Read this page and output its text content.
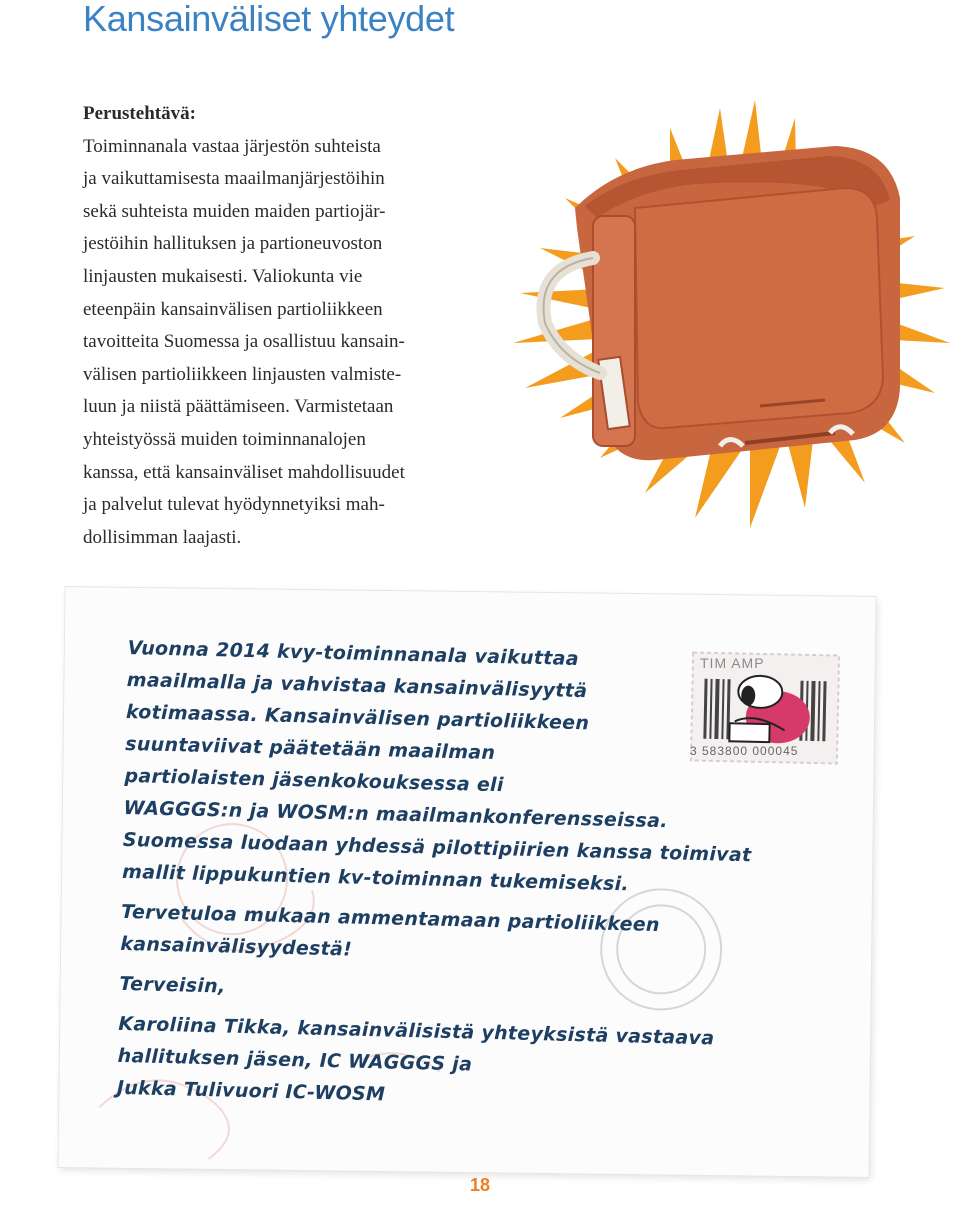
Kansainväliset yhteydet
Perustehtävä:
Toiminnanala vastaa järjestön suhteista
ja vaikuttamisesta maailmanjärjestöihin
sekä suhteista muiden maiden partiojär-
jestöihin hallituksen ja partioneuvoston
linjausten mukaisesti. Valiokunta vie
eteenpäin kansainvälisen partioliikkeen
tavoitteita Suomessa ja osallistuu kansain-
välisen partioliikkeen linjausten valmiste-
luun ja niistä päättämiseen. Varmistetaan
yhteistyössä muiden toiminnanalojen
kanssa, että kansainväliset mahdollisuudet
ja palvelut tulevat hyödynnetyiksi mah-
dollisimman laajasti.
TIM AMP
3 583800 000045
Vuonna 2014 kvy-toiminnanala vaikuttaa
maailmalla ja vahvistaa kansainvälisyyttä
kotimaassa. Kansainvälisen partioliikkeen
suuntaviivat päätetään maailman
partiolaisten jäsenkokouksessa eli
WAGGGS:n ja WOSM:n maailmankonferensseissa.
Suomessa luodaan yhdessä pilottipiirien kanssa toimivat
mallit lippukuntien kv-toiminnan tukemiseksi.
Tervetuloa mukaan ammentamaan partioliikkeen
kansainvälisyydestä!
Terveisin,
Karoliina Tikka, kansainvälisistä yhteyksistä vastaava
hallituksen jäsen, IC WAGGGS ja
Jukka Tulivuori IC-WOSM
18
